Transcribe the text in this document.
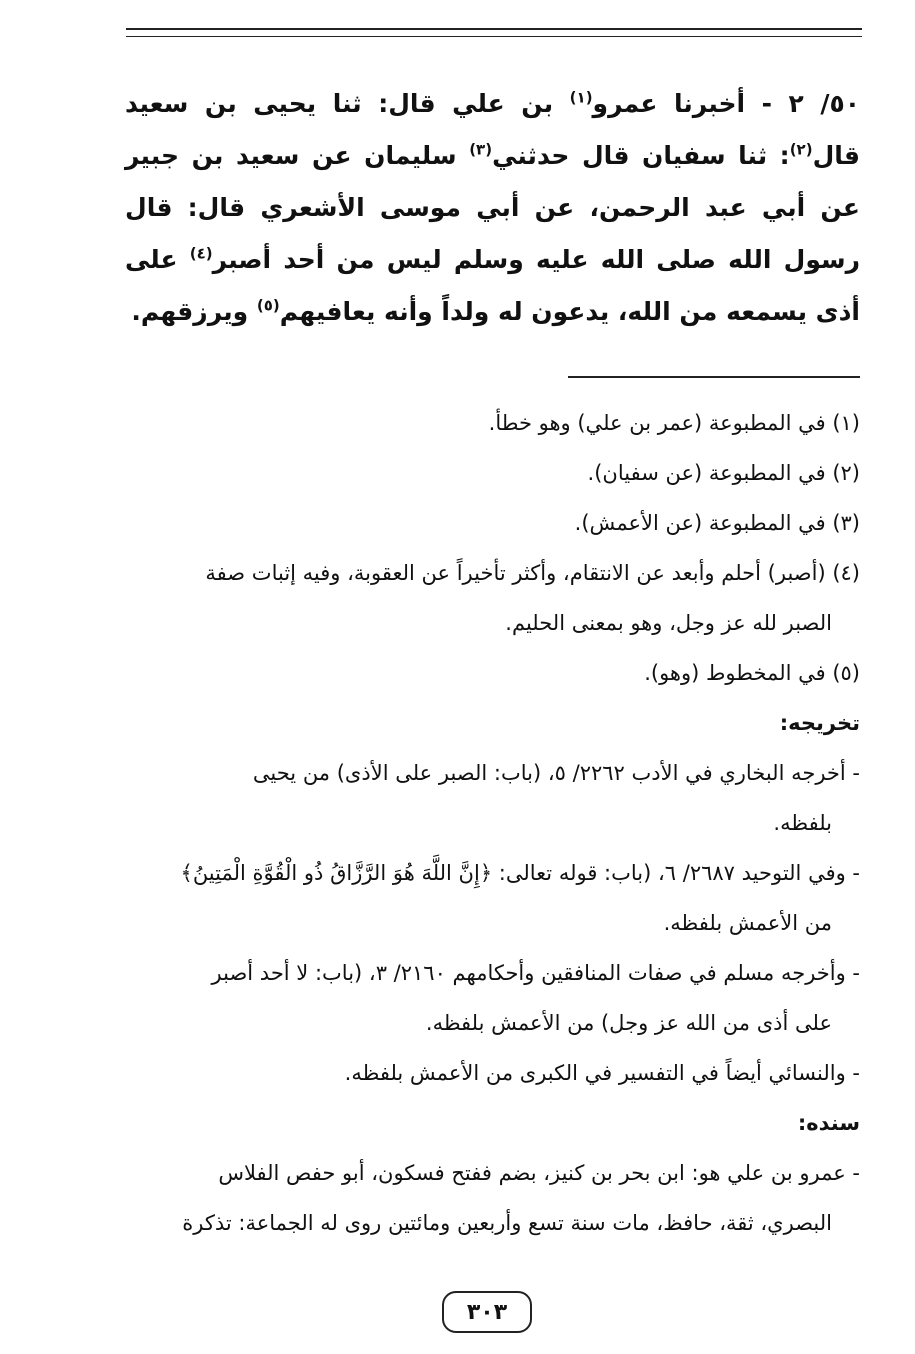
٥٠/ ٢ - أخبرنا عمرو$^{(١)}$ بن علي قال: ثنا يحيى بن سعيد قال$^{(٢)}$: ثنا سفيان قال حدثني$^{(٣)}$ سليمان عن سعيد بن جبير عن أبي عبد الرحمن، عن أبي موسى الأشعري قال: قال رسول الله صلى الله عليه وسلم ليس من أحد أصبر$^{(٤)}$ على أذى يسمعه من الله، يدعون له ولداً وأنه يعافيهم$^{(٥)}$ ويرزقهم.

(١) في المطبوعة (عمر بن علي) وهو خطأ.
(٢) في المطبوعة (عن سفيان).
(٣) في المطبوعة (عن الأعمش).
(٤) (أصبر) أحلم وأبعد عن الانتقام، وأكثر تأخيراً عن العقوبة، وفيه إثبات صفة
الصبر لله عز وجل، وهو بمعنى الحليم.
(٥) في المخطوط (وهو).
تخريجه:
- أخرجه البخاري في الأدب ٢٢٦٢/ ٥، (باب: الصبر على الأذى) من يحيى
بلفظه.
- وفي التوحيد ٢٦٨٧/ ٦، (باب: قوله تعالى: ﴿إِنَّ اللَّهَ هُوَ الرَّزَّاقُ ذُو الْقُوَّةِ الْمَتِينُ﴾
من الأعمش بلفظه.
- وأخرجه مسلم في صفات المنافقين وأحكامهم ٢١٦٠/ ٣، (باب: لا أحد أصبر
على أذى من الله عز وجل) من الأعمش بلفظه.
- والنسائي أيضاً في التفسير في الكبرى من الأعمش بلفظه.
سنده:
- عمرو بن علي هو: ابن بحر بن كنيز، بضم ففتح فسكون، أبو حفص الفلاس
البصري، ثقة، حافظ، مات سنة تسع وأربعين ومائتين روى له الجماعة: تذكرة
٣٠٣
